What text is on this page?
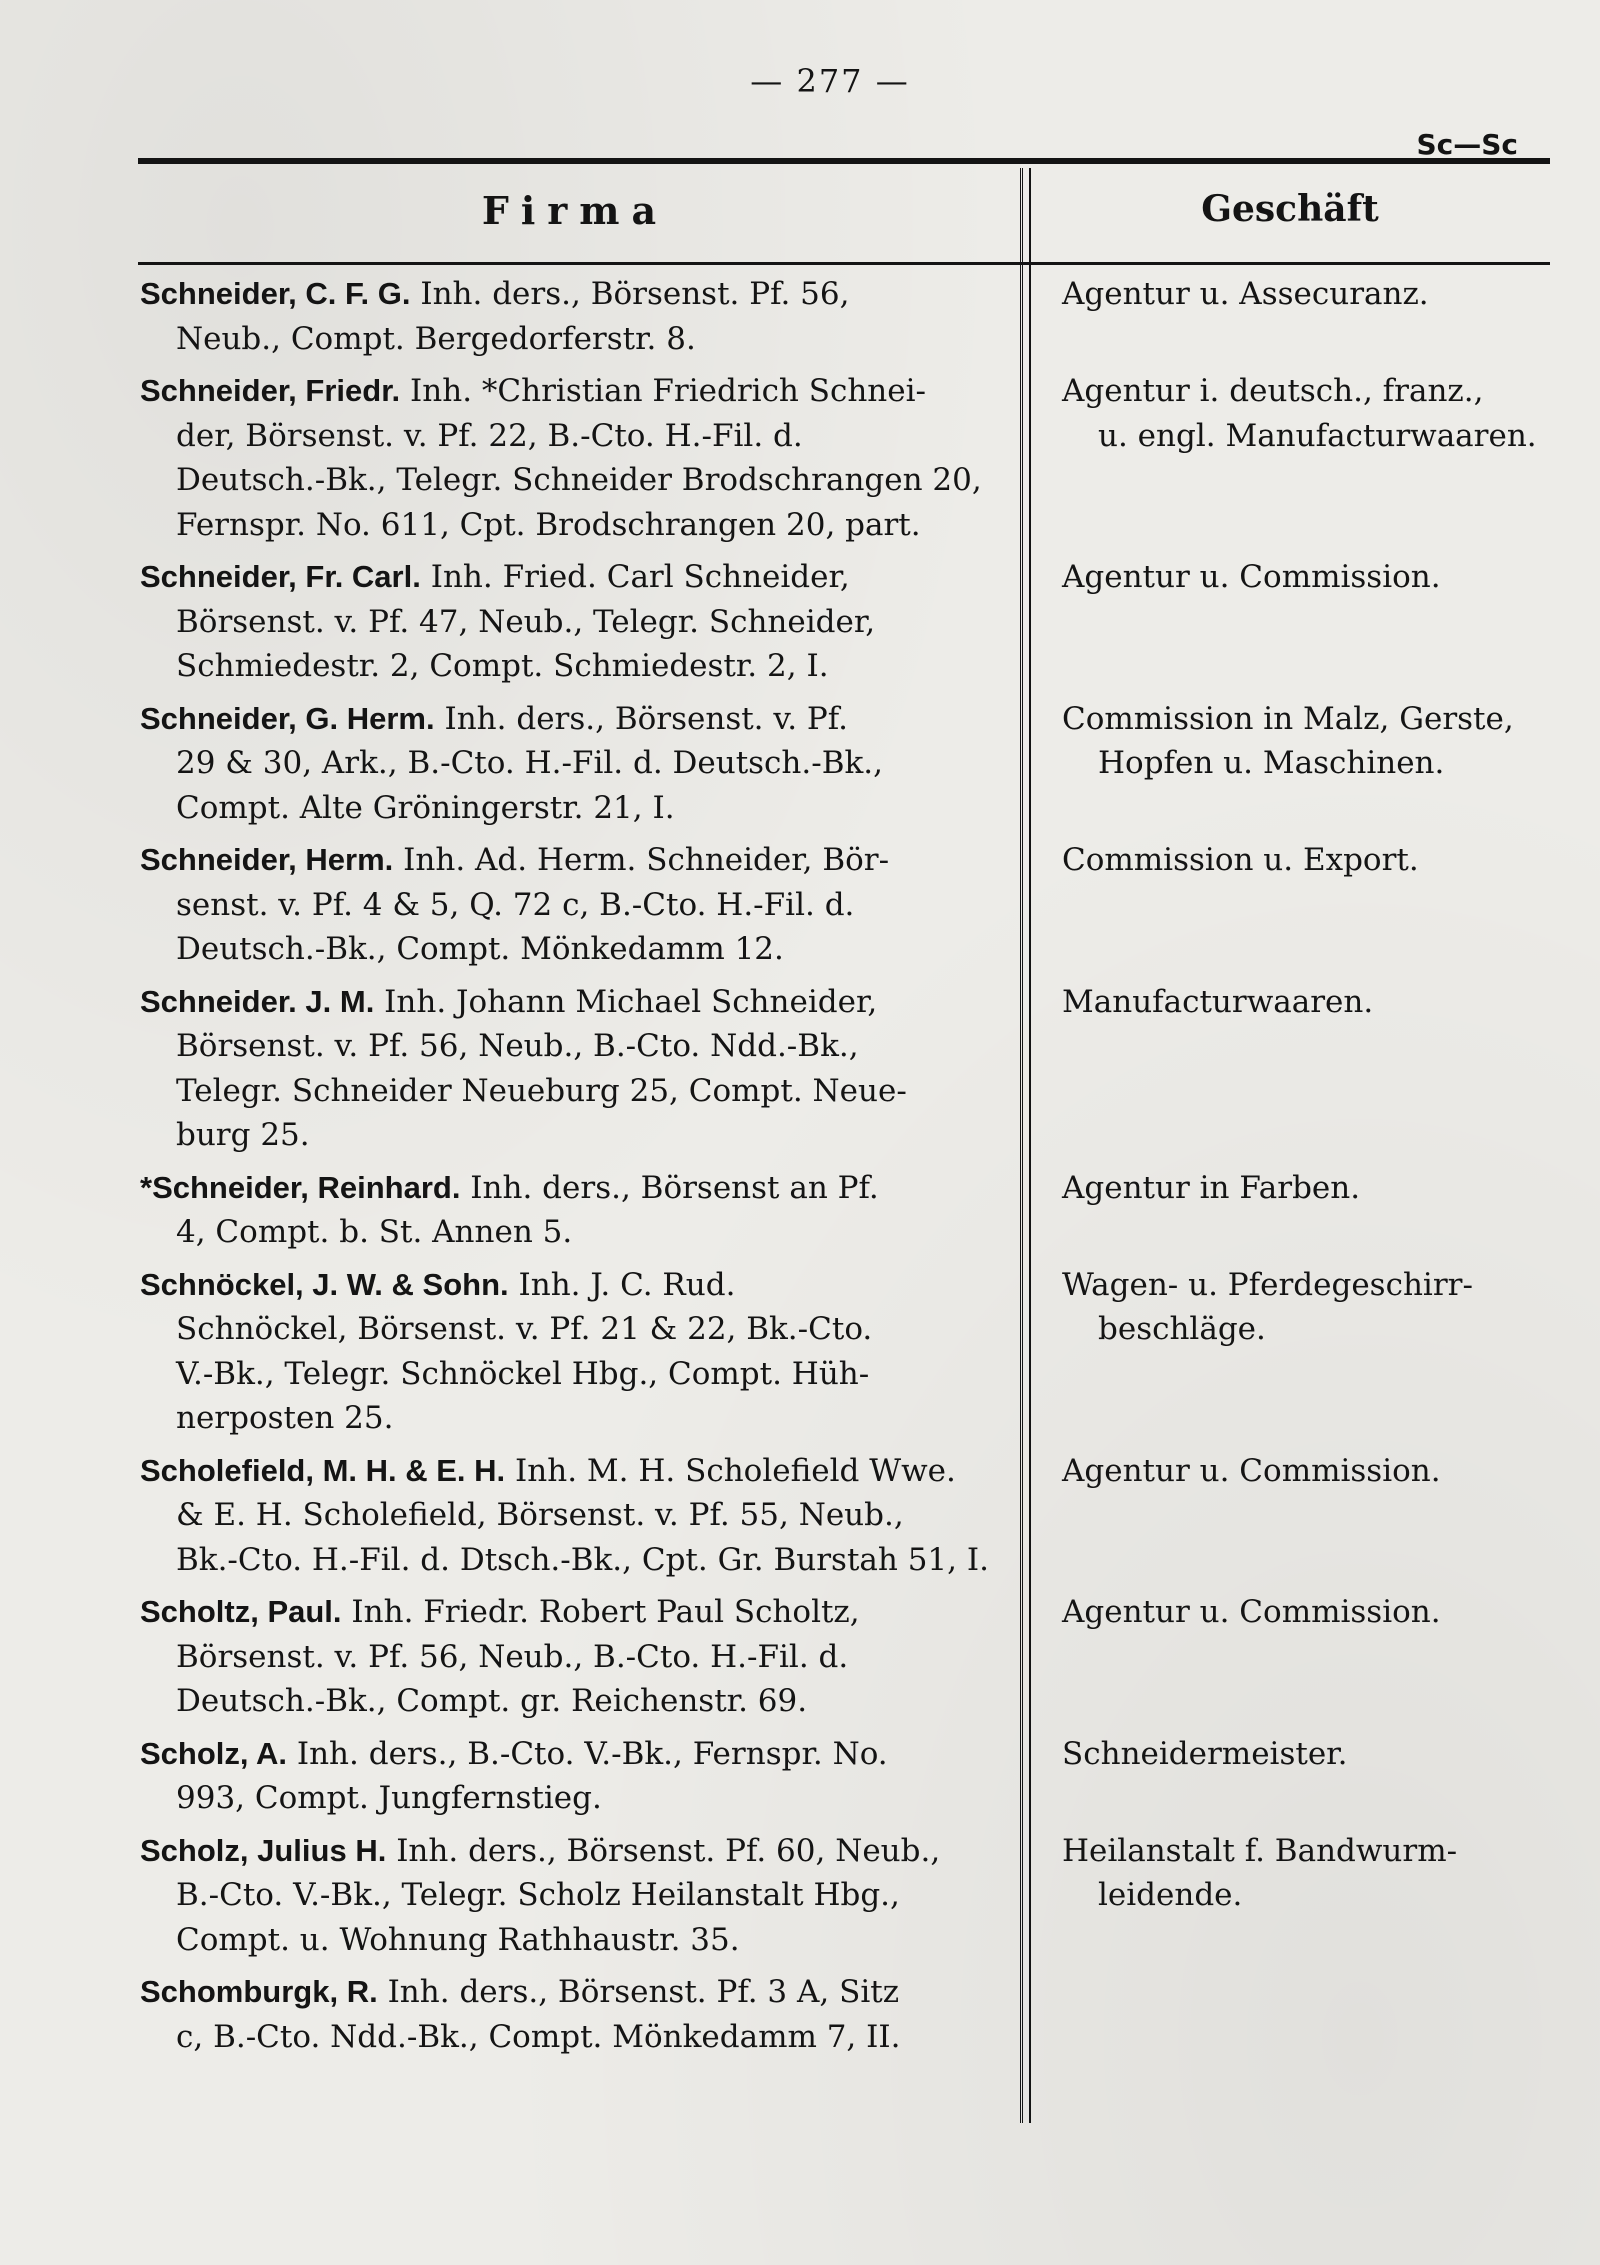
— 277 —
Sc—Sc
Firma	Geschäft
Schneider, C. F. G. Inh. ders., Börsenst. Pf. 56,
Neub., Compt. Bergedorferstr. 8.
Agentur u. Assecuranz.
Schneider, Friedr. Inh. *Christian Friedrich Schnei-
der, Börsenst. v. Pf. 22, B.-Cto. H.-Fil. d.
Deutsch.-Bk., Telegr. Schneider Brodschrangen 20,
Fernspr. No. 611, Cpt. Brodschrangen 20, part.
Agentur i. deutsch., franz.,
u. engl. Manufacturwaaren.
Schneider, Fr. Carl. Inh. Fried. Carl Schneider,
Börsenst. v. Pf. 47, Neub., Telegr. Schneider,
Schmiedestr. 2, Compt. Schmiedestr. 2, I.
Agentur u. Commission.
Schneider, G. Herm. Inh. ders., Börsenst. v. Pf.
29 & 30, Ark., B.-Cto. H.-Fil. d. Deutsch.-Bk.,
Compt. Alte Gröningerstr. 21, I.
Commission in Malz, Gerste,
Hopfen u. Maschinen.
Schneider, Herm. Inh. Ad. Herm. Schneider, Bör-
senst. v. Pf. 4 & 5, Q. 72 c, B.-Cto. H.-Fil. d.
Deutsch.-Bk., Compt. Mönkedamm 12.
Commission u. Export.
Schneider. J. M. Inh. Johann Michael Schneider,
Börsenst. v. Pf. 56, Neub., B.-Cto. Ndd.-Bk.,
Telegr. Schneider Neueburg 25, Compt. Neue-
burg 25.
Manufacturwaaren.
*Schneider, Reinhard. Inh. ders., Börsenst an Pf.
4, Compt. b. St. Annen 5.
Agentur in Farben.
Schnöckel, J. W. & Sohn. Inh. J. C. Rud.
Schnöckel, Börsenst. v. Pf. 21 & 22, Bk.-Cto.
V.-Bk., Telegr. Schnöckel Hbg., Compt. Hüh-
nerposten 25.
Wagen- u. Pferdegeschirr-
beschläge.
Scholefield, M. H. & E. H. Inh. M. H. Scholefield Wwe.
& E. H. Scholefield, Börsenst. v. Pf. 55, Neub.,
Bk.-Cto. H.-Fil. d. Dtsch.-Bk., Cpt. Gr. Burstah 51, I.
Agentur u. Commission.
Scholtz, Paul. Inh. Friedr. Robert Paul Scholtz,
Börsenst. v. Pf. 56, Neub., B.-Cto. H.-Fil. d.
Deutsch.-Bk., Compt. gr. Reichenstr. 69.
Agentur u. Commission.
Scholz, A. Inh. ders., B.-Cto. V.-Bk., Fernspr. No.
993, Compt. Jungfernstieg.
Schneidermeister.
Scholz, Julius H. Inh. ders., Börsenst. Pf. 60, Neub.,
B.-Cto. V.-Bk., Telegr. Scholz Heilanstalt Hbg.,
Compt. u. Wohnung Rathhaustr. 35.
Heilanstalt f. Bandwurm-
leidende.
Schomburgk, R. Inh. ders., Börsenst. Pf. 3 A, Sitz
c, B.-Cto. Ndd.-Bk., Compt. Mönkedamm 7, II.
